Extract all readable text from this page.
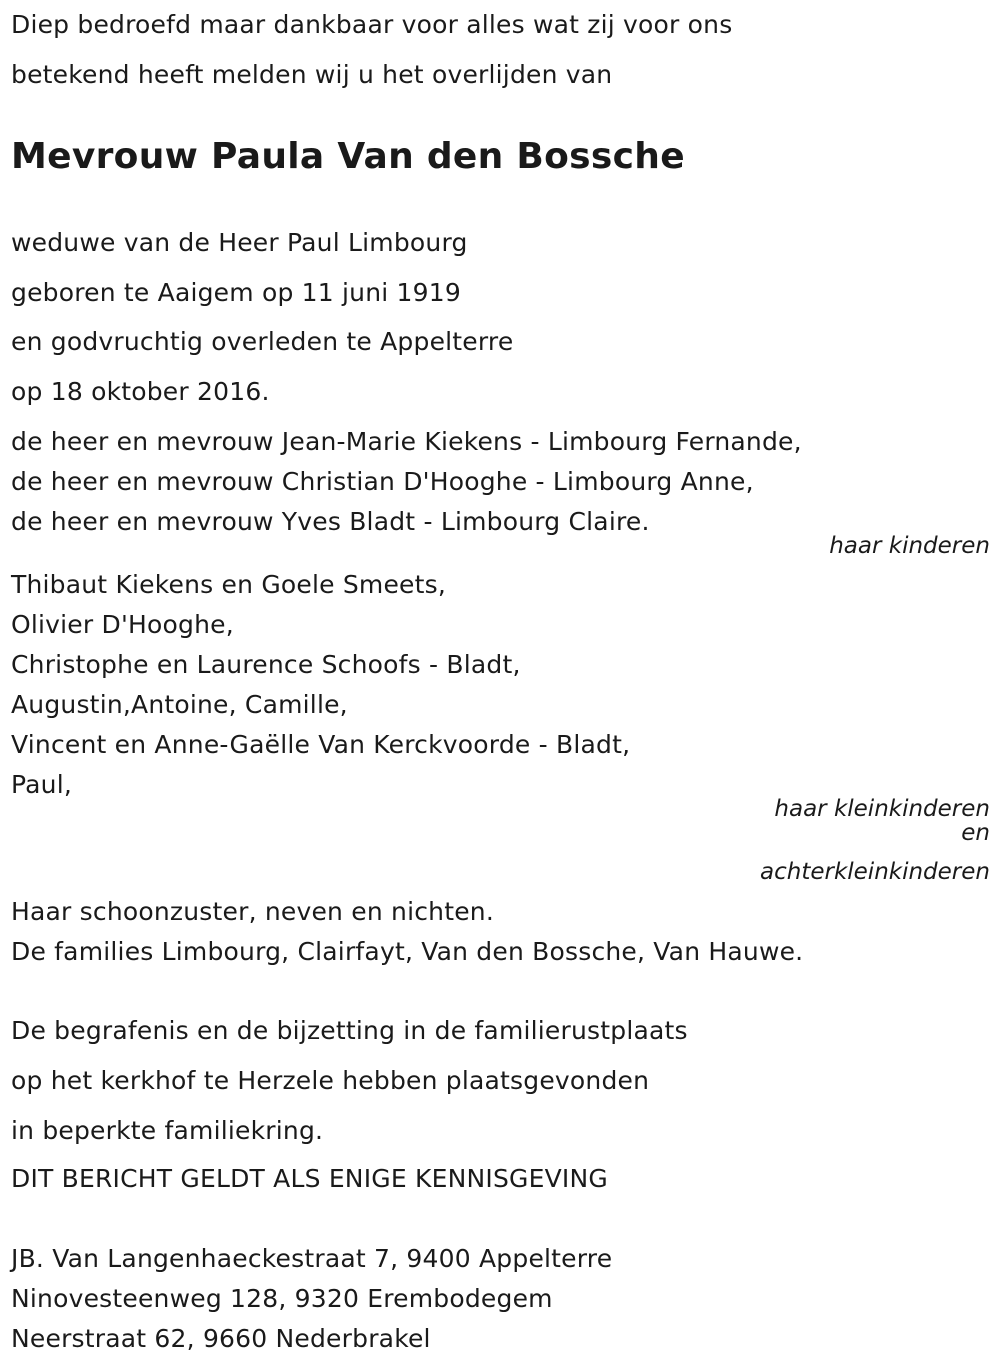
Diep bedroefd maar dankbaar voor alles wat zij voor ons
betekend heeft melden wij u het overlijden van
Mevrouw Paula Van den Bossche
weduwe van de Heer Paul Limbourg
geboren te Aaigem op 11 juni 1919
en godvruchtig overleden te Appelterre
op 18 oktober 2016.
de heer en mevrouw Jean-Marie Kiekens - Limbourg Fernande,
de heer en mevrouw Christian D'Hooghe - Limbourg Anne,
de heer en mevrouw Yves Bladt - Limbourg Claire.
haar kinderen
Thibaut Kiekens en Goele Smeets,
Olivier D'Hooghe,
Christophe en Laurence Schoofs - Bladt,
Augustin,Antoine, Camille,
Vincent en Anne-Gaëlle Van Kerckvoorde - Bladt,
Paul,
haar kleinkinderen
en
achterkleinkinderen
Haar schoonzuster, neven en nichten.
De families Limbourg, Clairfayt, Van den Bossche, Van Hauwe.
De begrafenis en de bijzetting in de familierustplaats
op het kerkhof te Herzele hebben plaatsgevonden
in beperkte familiekring.
DIT BERICHT GELDT ALS ENIGE KENNISGEVING
JB. Van Langenhaeckestraat 7, 9400 Appelterre
Ninovesteenweg 128, 9320 Erembodegem
Neerstraat 62, 9660 Nederbrakel
